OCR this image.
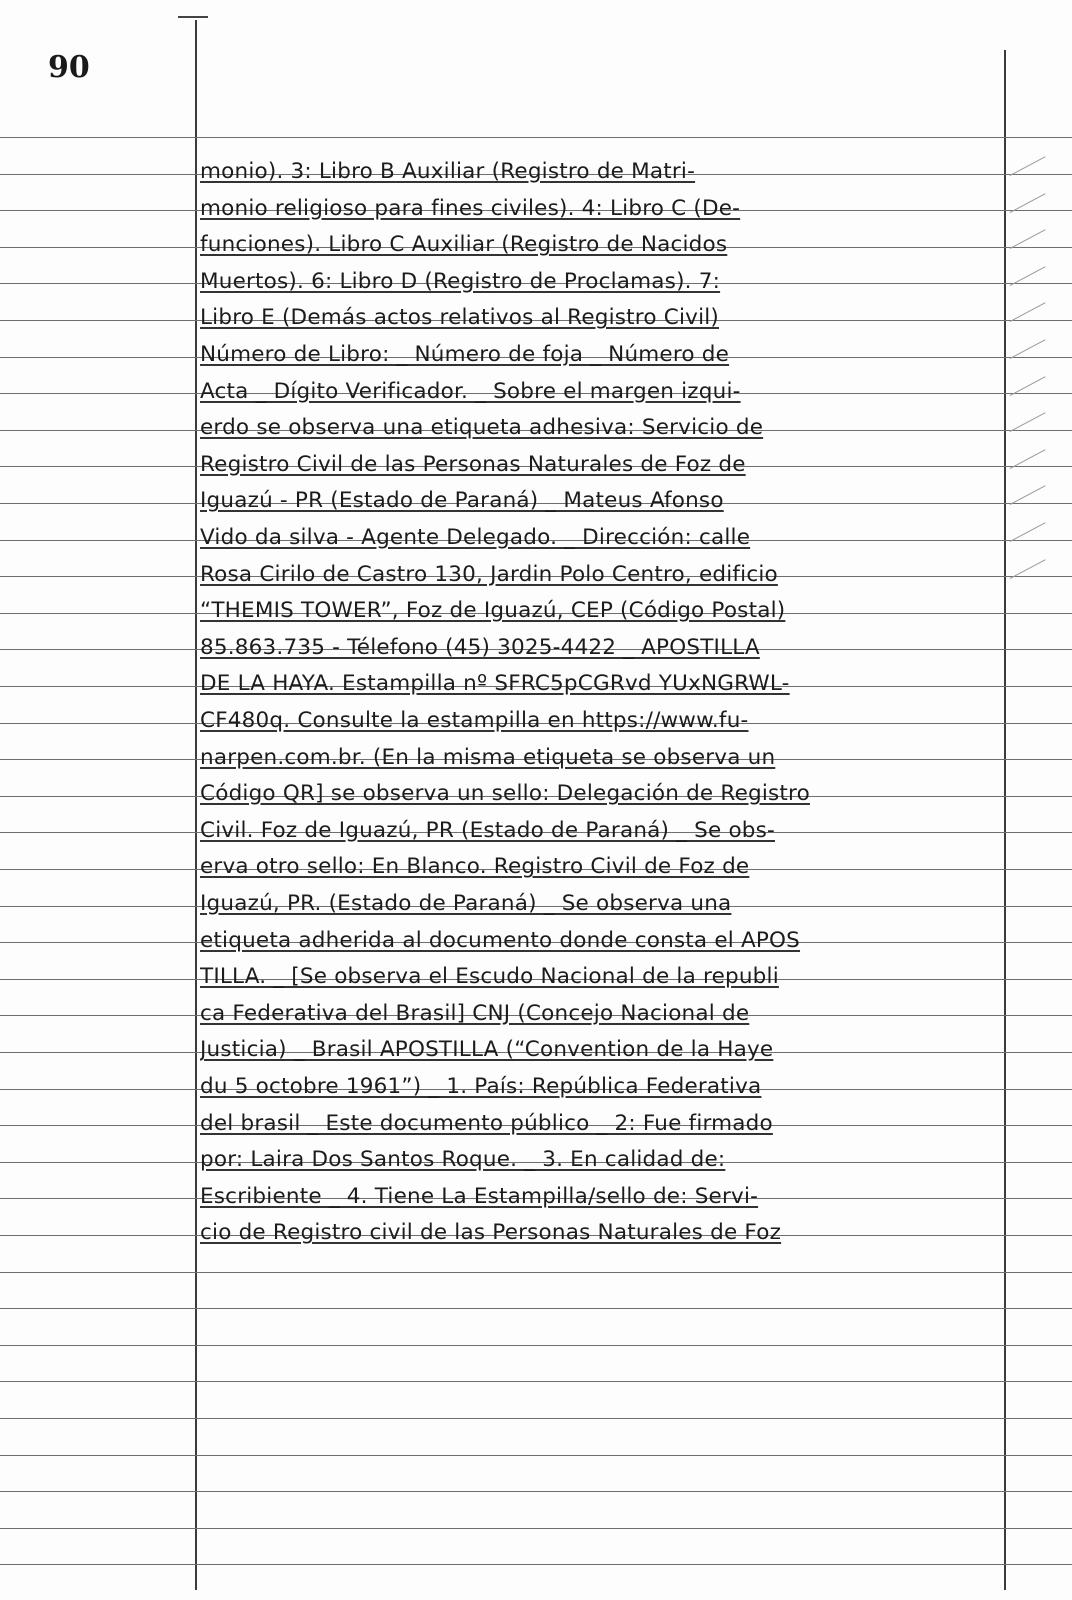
90
monio). 3: Libro B Auxiliar (Registro de Matri-
monio religioso para fines civiles). 4: Libro C (De-
funciones). Libro C Auxiliar (Registro de Nacidos
Muertos). 6: Libro D (Registro de Proclamas). 7:
Libro E (Demás actos relativos al Registro Civil)
Número de Libro: _ Número de foja _ Número de
Acta _ Dígito Verificador. _ Sobre el margen izqui-
erdo se observa una etiqueta adhesiva: Servicio de
Registro Civil de las Personas Naturales de Foz de
Iguazú - PR (Estado de Paraná) _ Mateus Afonso
Vido da silva - Agente Delegado. _ Dirección: calle
Rosa Cirilo de Castro 130, Jardin Polo Centro, edificio
“THEMIS TOWER”, Foz de Iguazú, CEP (Código Postal)
85.863.735 - Télefono (45) 3025-4422 _ APOSTILLA
DE LA HAYA. Estampilla nº SFRC5pCGRvd YUxNGRWL-
CF480q. Consulte la estampilla en https://www.fu-
narpen.com.br. (En la misma etiqueta se observa un
Código QR] se observa un sello: Delegación de Registro
Civil. Foz de Iguazú, PR (Estado de Paraná) _ Se obs-
erva otro sello: En Blanco. Registro Civil de Foz de
Iguazú, PR. (Estado de Paraná) _ Se observa una
etiqueta adherida al documento donde consta el APOS
TILLA. _ [Se observa el Escudo Nacional de la republi
ca Federativa del Brasil] CNJ (Concejo Nacional de
Justicia) _ Brasil APOSTILLA (“Convention de la Haye
du 5 octobre 1961”) _ 1. País: República Federativa
del brasil _ Este documento público _ 2: Fue firmado
por: Laira Dos Santos Roque. _ 3. En calidad de:
Escribiente _ 4. Tiene La Estampilla/sello de: Servi-
cio de Registro civil de las Personas Naturales de Foz
